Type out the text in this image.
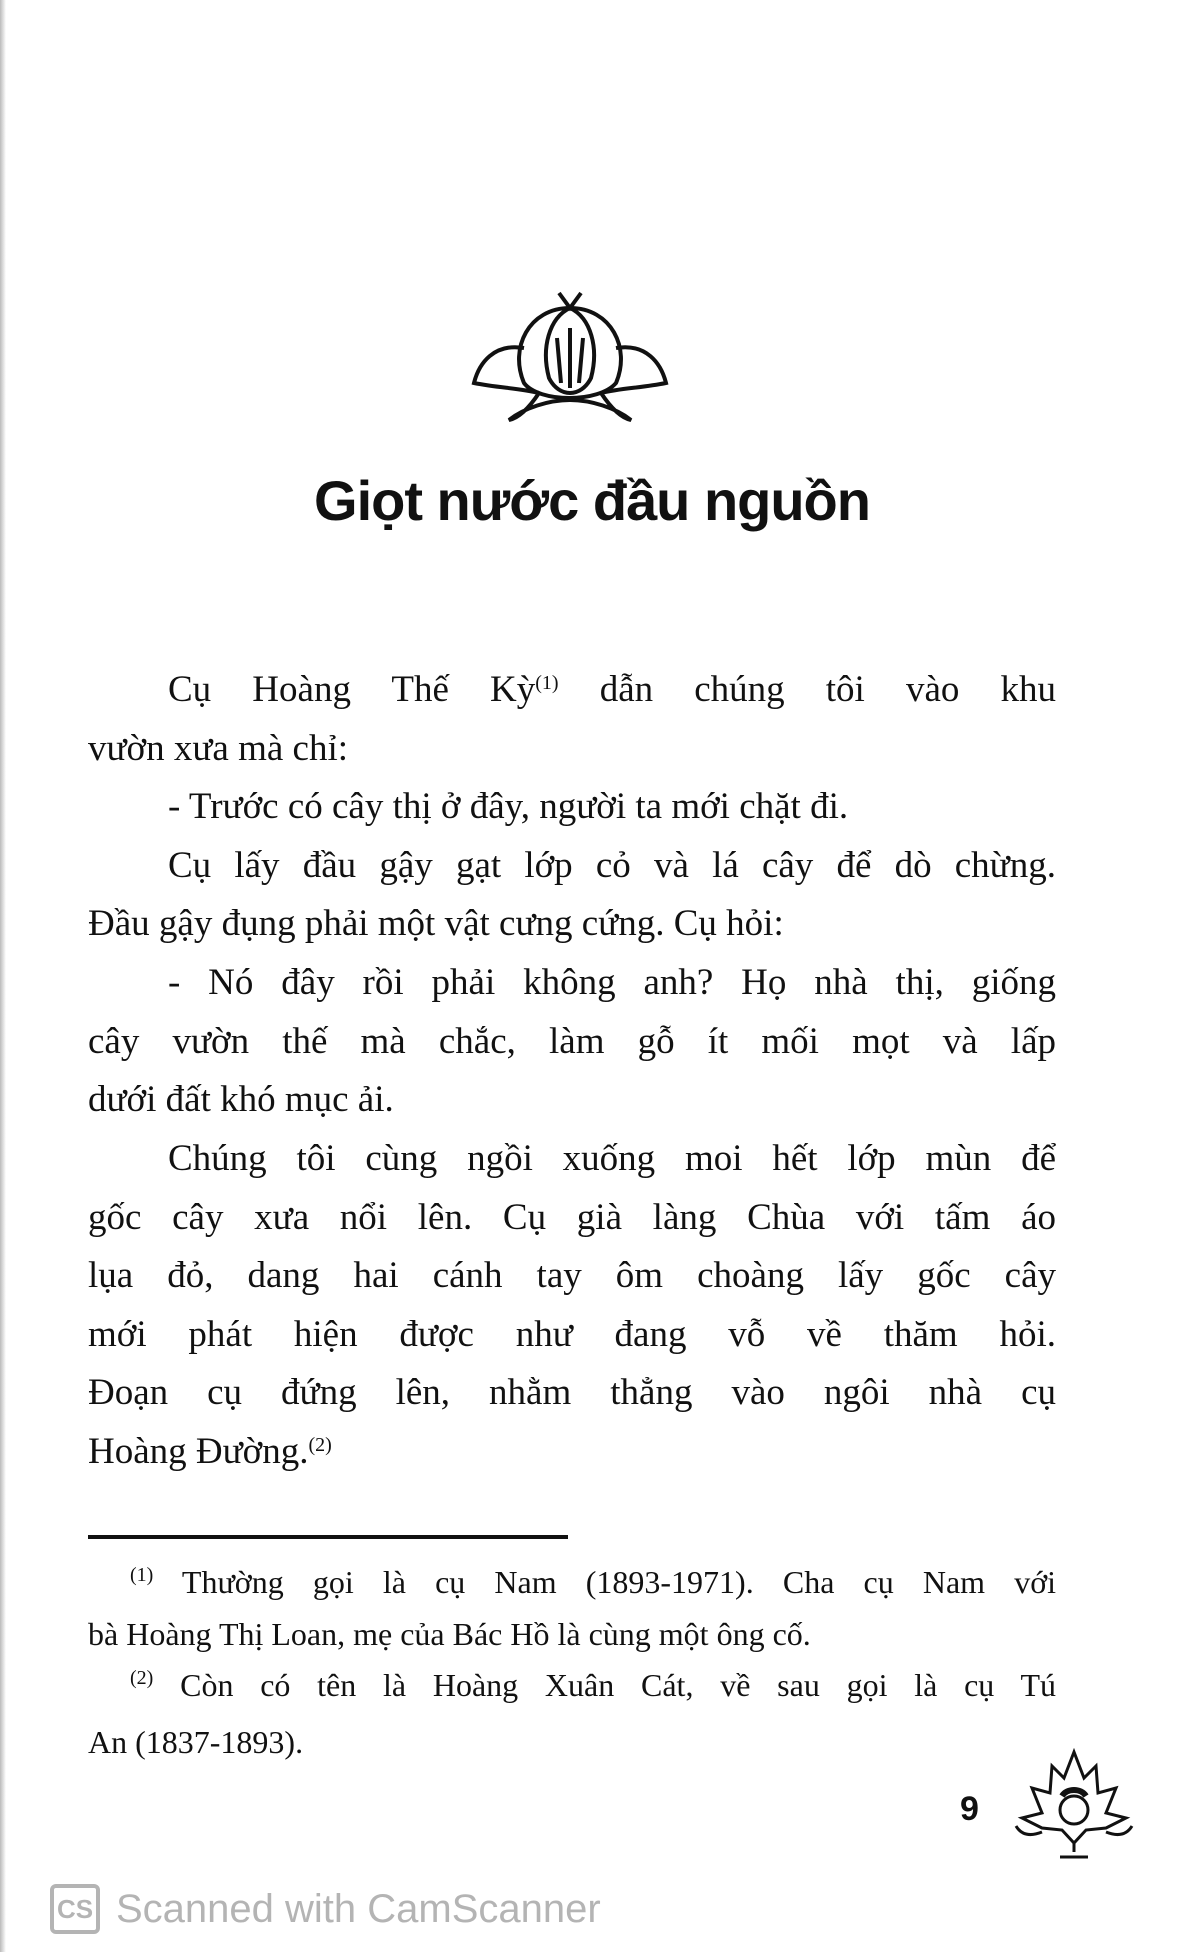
Giọt nước đầu nguồn
Cụ Hoàng Thế Kỳ$^{(1)}$ dẫn chúng tôi vào khu
vườn xưa mà chỉ:
- Trước có cây thị ở đây, người ta mới chặt đi.
Cụ lấy đầu gậy gạt lớp cỏ và lá cây để dò chừng.
Đầu gậy đụng phải một vật cưng cứng. Cụ hỏi:
- Nó đây rồi phải không anh? Họ nhà thị, giống
cây vườn thế mà chắc, làm gỗ ít mối mọt và lấp
dưới đất khó mục ải.
Chúng tôi cùng ngồi xuống moi hết lớp mùn để
gốc cây xưa nổi lên. Cụ già làng Chùa với tấm áo
lụa đỏ, dang hai cánh tay ôm choàng lấy gốc cây
mới phát hiện được như đang vỗ về thăm hỏi.
Đoạn cụ đứng lên, nhằm thẳng vào ngôi nhà cụ
Hoàng Đường.$^{(2)}$
$^{(1)}$ Thường gọi là cụ Nam (1893-1971). Cha cụ Nam với
bà Hoàng Thị Loan, mẹ của Bác Hồ là cùng một ông cố.
$^{(2)}$ Còn có tên là Hoàng Xuân Cát, về sau gọi là cụ Tú
An (1837-1893).
9
CS Scanned with CamScanner
